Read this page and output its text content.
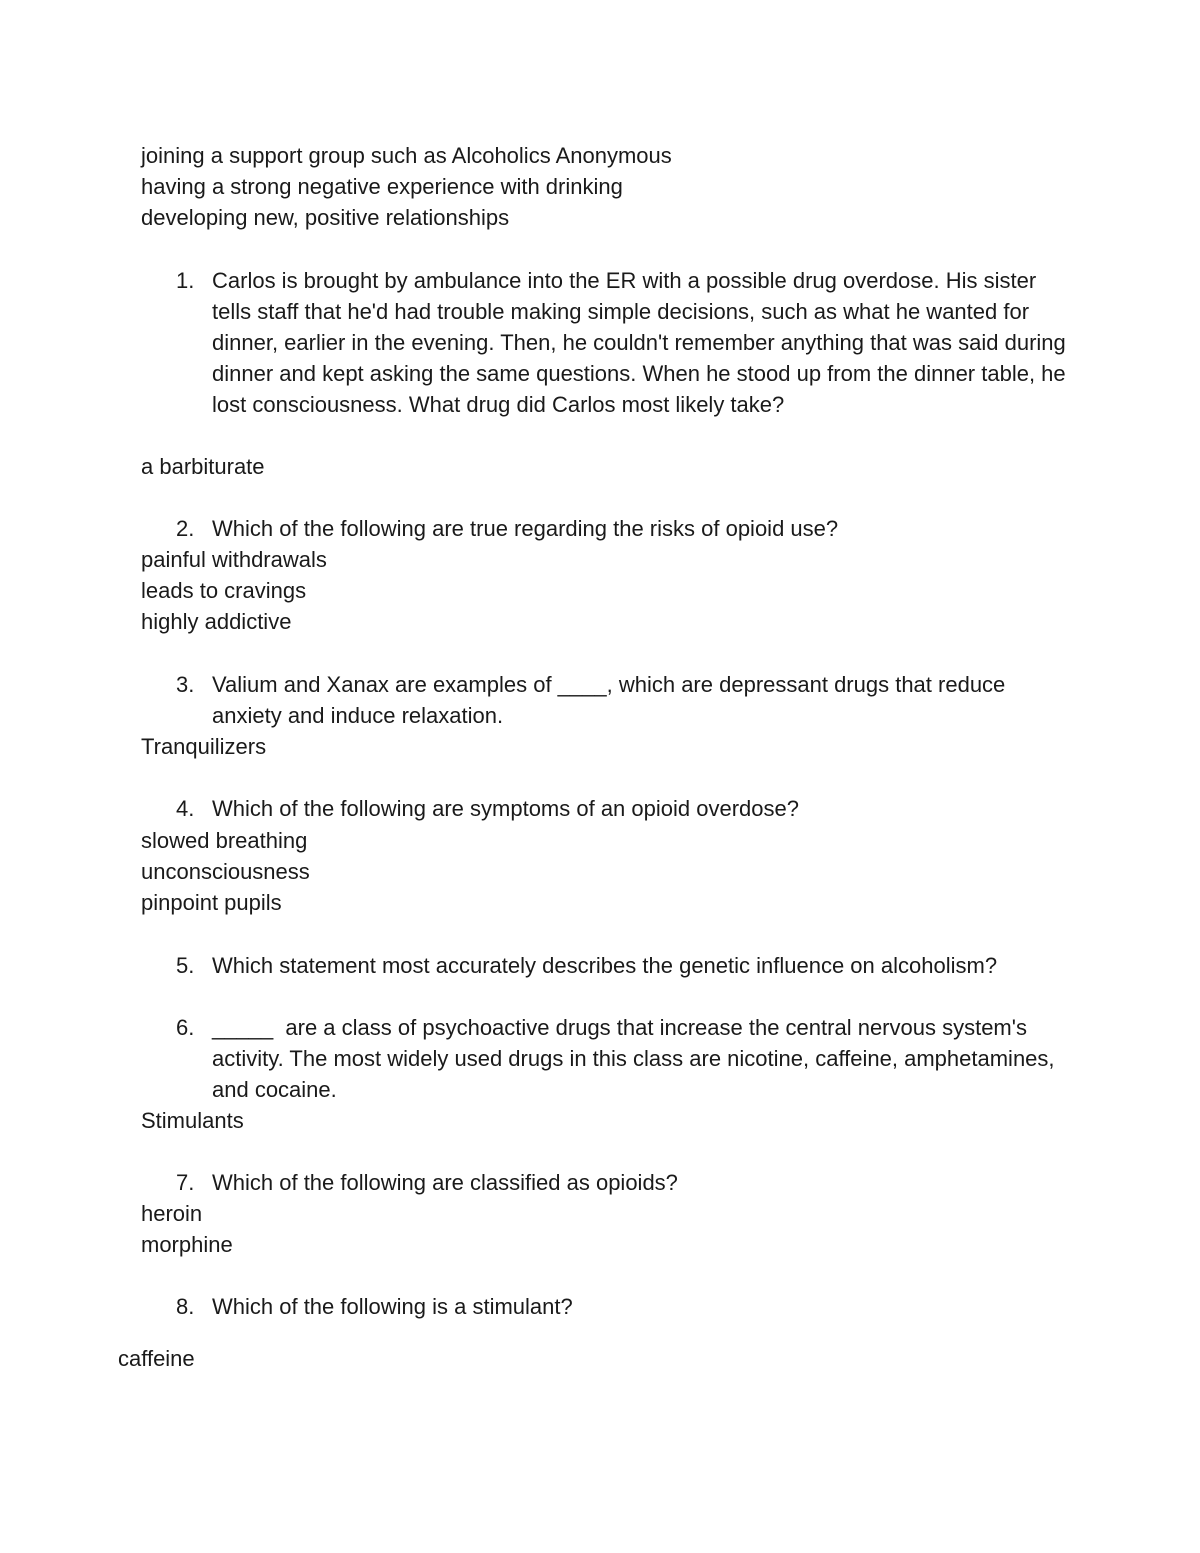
joining a support group such as Alcoholics Anonymous
having a strong negative experience with drinking
developing new, positive relationships
1. Carlos is brought by ambulance into the ER with a possible drug overdose. His sister tells staff that he'd had trouble making simple decisions, such as what he wanted for dinner, earlier in the evening. Then, he couldn't remember anything that was said during dinner and kept asking the same questions. When he stood up from the dinner table, he lost consciousness. What drug did Carlos most likely take?
a barbiturate
2. Which of the following are true regarding the risks of opioid use?
painful withdrawals
leads to cravings
highly addictive
3. Valium and Xanax are examples of ____, which are depressant drugs that reduce anxiety and induce relaxation.
Tranquilizers
4. Which of the following are symptoms of an opioid overdose?
slowed breathing
unconsciousness
pinpoint pupils
5. Which statement most accurately describes the genetic influence on alcoholism?
6. _____  are a class of psychoactive drugs that increase the central nervous system's activity. The most widely used drugs in this class are nicotine, caffeine, amphetamines, and cocaine.
Stimulants
7. Which of the following are classified as opioids?
heroin
morphine
8. Which of the following is a stimulant?
caffeine
